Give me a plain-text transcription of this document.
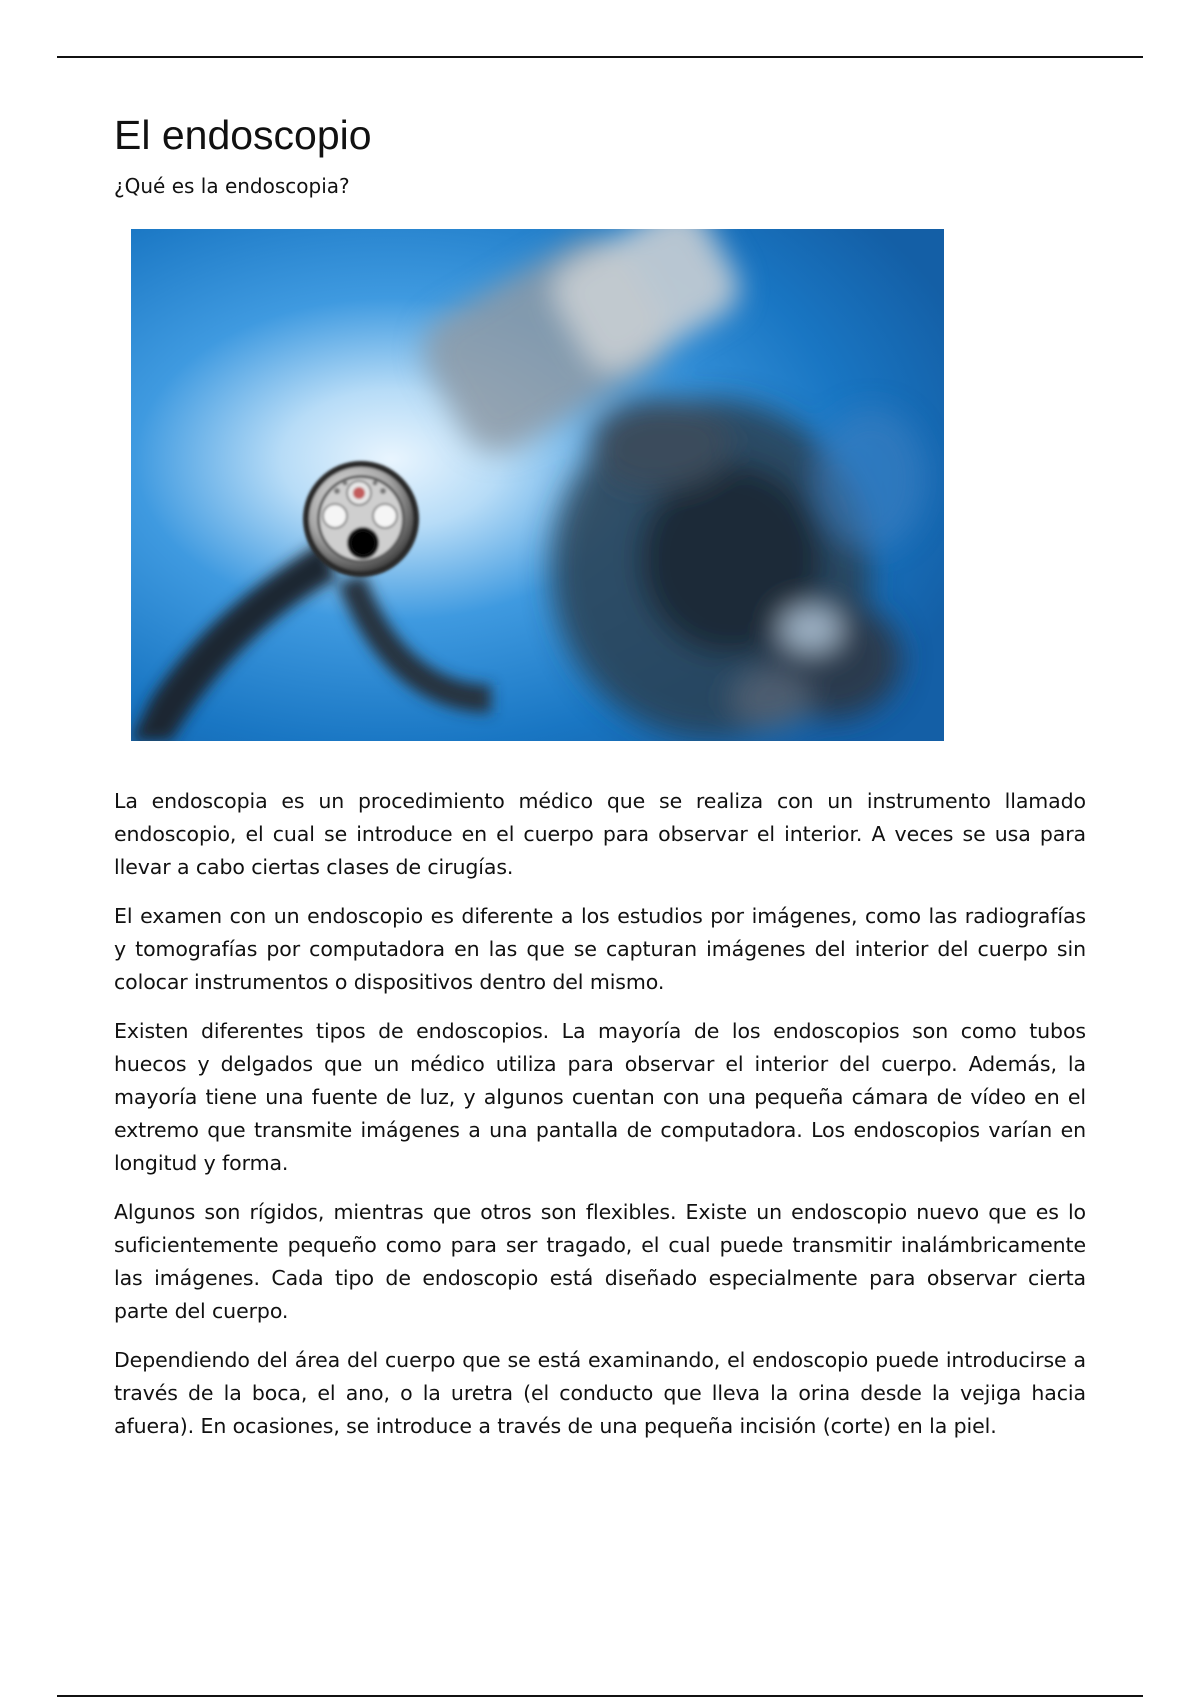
El endoscopio
¿Qué es la endoscopia?

La endoscopia es un procedimiento médico que se realiza con un instrumento llamado endoscopio, el cual se introduce en el cuerpo para observar el interior. A veces se usa para llevar a cabo ciertas clases de cirugías.

El examen con un endoscopio es diferente a los estudios por imágenes, como las radiografías y tomografías por computadora en las que se capturan imágenes del interior del cuerpo sin colocar instrumentos o dispositivos dentro del mismo.

Existen diferentes tipos de endoscopios. La mayoría de los endoscopios son como tubos huecos y delgados que un médico utiliza para observar el interior del cuerpo. Además, la mayoría tiene una fuente de luz, y algunos cuentan con una pequeña cámara de vídeo en el extremo que transmite imágenes a una pantalla de computadora. Los endoscopios varían en longitud y forma.

Algunos son rígidos, mientras que otros son flexibles. Existe un endoscopio nuevo que es lo suficientemente pequeño como para ser tragado, el cual puede transmitir inalámbricamente las imágenes. Cada tipo de endoscopio está diseñado especialmente para observar cierta parte del cuerpo.

Dependiendo del área del cuerpo que se está examinando, el endoscopio puede introducirse a través de la boca, el ano, o la uretra (el conducto que lleva la orina desde la vejiga hacia afuera). En ocasiones, se introduce a través de una pequeña incisión (corte) en la piel.
